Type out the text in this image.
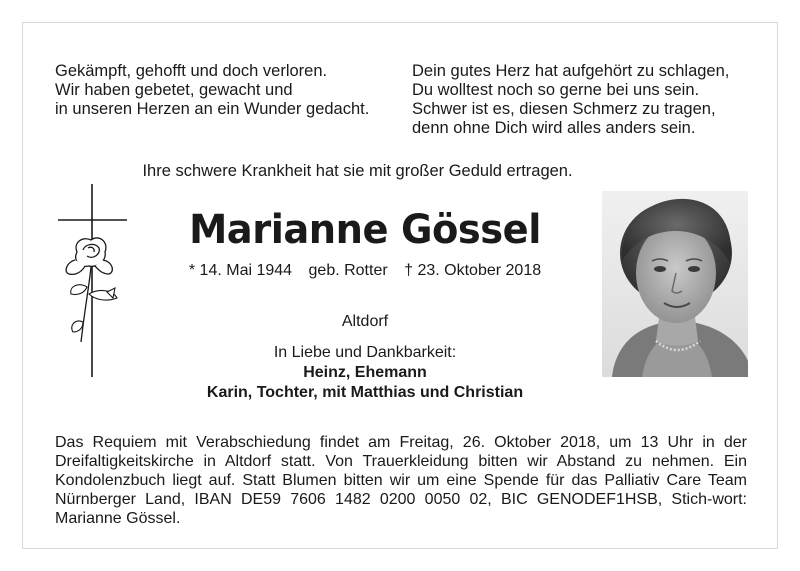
Gekämpft, gehofft und doch verloren.
Wir haben gebetet, gewacht und
in unseren Herzen an ein Wunder gedacht.
Dein gutes Herz hat aufgehört zu schlagen,
Du wolltest noch so gerne bei uns sein.
Schwer ist es, diesen Schmerz zu tragen,
denn ohne Dich wird alles anders sein.
Ihre schwere Krankheit hat sie mit großer Geduld ertragen.
Marianne Gössel
* 14. Mai 1944 geb. Rotter † 23. Oktober 2018
Altdorf
In Liebe und Dankbarkeit:
Heinz, Ehemann
Karin, Tochter, mit Matthias und Christian
Das Requiem mit Verabschiedung findet am Freitag, 26. Oktober 2018, um 13 Uhr in der Dreifaltigkeitskirche in Altdorf statt. Von Trauerkleidung bitten wir Abstand zu nehmen. Ein Kondolenzbuch liegt auf. Statt Blumen bitten wir um eine Spende für das Palliativ Care Team Nürnberger Land, IBAN DE59 7606 1482 0200 0050 02, BIC GENODEF1HSB, Stich-wort: Marianne Gössel.
